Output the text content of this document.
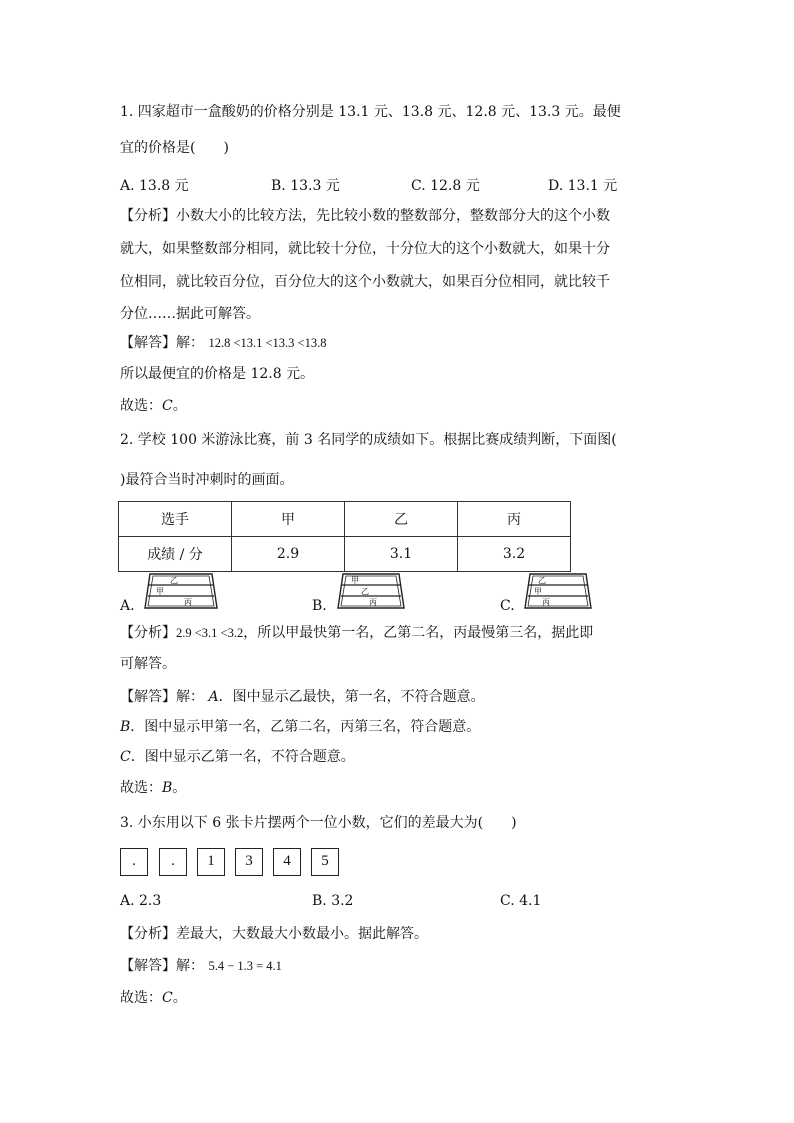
1. 四家超市一盒酸奶的价格分别是 13.1 元、13.8 元、12.8 元、13.3 元。最便
宜的价格是(　　)
A. 13.8 元	B. 13.3 元	C. 12.8 元	D. 13.1 元
【分析】小数大小的比较方法，先比较小数的整数部分，整数部分大的这个小数
就大，如果整数部分相同，就比较十分位，十分位大的这个小数就大，如果十分
位相同，就比较百分位，百分位大的这个小数就大，如果百分位相同，就比较千
分位……据此可解答。
【解答】解： 12.8 <13.1 <13.3 <13.8
所以最便宜的价格是 12.8 元。
故选：C。
2. 学校 100 米游泳比赛，前 3 名同学的成绩如下。根据比赛成绩判断，下面图(
)最符合当时冲刺时的画面。
选手	甲	乙	丙
成绩 / 分	2.9	3.1	3.2
A.
乙
甲
丙	B.
甲
乙
丙	C.
乙
甲
丙
【分析】2.9 <3.1 <3.2，所以甲最快第一名，乙第二名，丙最慢第三名，据此即
可解答。
【解答】解： A．图中显示乙最快，第一名，不符合题意。
B．图中显示甲第一名，乙第二名，丙第三名，符合题意。
C．图中显示乙第一名，不符合题意。
故选：B。
3. 小东用以下 6 张卡片摆两个一位小数，它们的差最大为(　　)
.	.	1	3	4	5
A. 2.3	B. 3.2	C. 4.1
【分析】差最大，大数最大小数最小。据此解答。
【解答】解： 5.4 − 1.3 = 4.1
故选：C。
